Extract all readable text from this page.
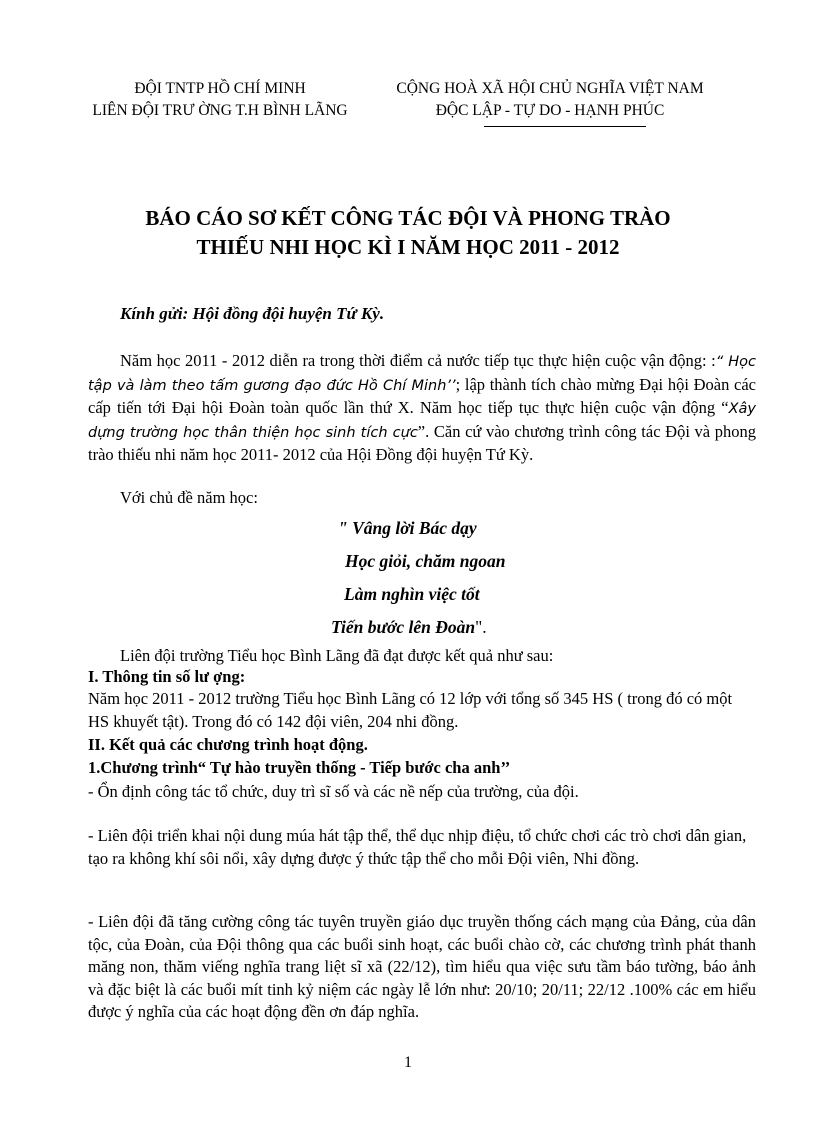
ĐỘI TNTP HỒ CHÍ MINH
LIÊN ĐỘI TRƯ ỜNG T.H BÌNH LÃNG
CỘNG HOÀ XÃ HỘI CHỦ NGHĨA VIỆT NAM
ĐỘC LẬP - TỰ DO - HẠNH PHÚC
BÁO CÁO SƠ KẾT CÔNG TÁC ĐỘI VÀ PHONG TRÀO
THIẾU NHI HỌC KÌ I NĂM HỌC 2011 - 2012
Kính gửi: Hội đồng đội huyện Tứ Kỳ.
Năm học 2011 - 2012 diễn ra trong thời điểm cả nước tiếp tục thực hiện cuộc vận động: :“ Học tập và làm theo tấm gương đạo đức Hồ Chí Minh’’; lập thành tích chào mừng Đại hội Đoàn các cấp tiến tới Đại hội Đoàn toàn quốc lần thứ X. Năm học tiếp tục thực hiện cuộc vận động “Xây dựng trường học thân thiện học sinh tích cực”. Căn cứ vào chương trình công tác Đội và phong trào thiếu nhi năm học 2011- 2012 của Hội Đồng đội huyện Tứ Kỳ.
Với chủ đề năm học:
" Vâng lời Bác dạy
Học giỏi, chăm ngoan
Làm nghìn việc tốt
Tiến bước lên Đoàn".
Liên đội trường Tiểu học Bình Lãng đã đạt được kết quả như sau:
I. Thông tin số lư ợng:
Năm học 2011 - 2012 trường Tiểu học Bình Lãng có 12 lớp với tổng số 345 HS ( trong đó có một HS khuyết tật). Trong đó có 142 đội viên, 204 nhi đồng.
II. Kết quả các chương trình hoạt động.
1.Chương trình“ Tự hào truyền thống - Tiếp bước cha anh’’
- Ổn định công tác tổ chức, duy trì sĩ số và các nề nếp của trường, của đội.
- Liên đội triển khai nội dung múa hát tập thể, thể dục nhịp điệu, tổ chức chơi các trò chơi dân gian, tạo ra không khí sôi nổi, xây dựng được ý thức tập thể cho mỗi Đội viên, Nhi đồng.
- Liên đội đã tăng cường công tác tuyên truyền giáo dục truyền thống cách mạng của Đảng, của dân tộc, của Đoàn, của Đội thông qua các buổi sinh hoạt, các buổi chào cờ, các chương trình phát thanh măng non, thăm viếng nghĩa trang liệt sĩ xã (22/12), tìm hiểu qua việc sưu tầm báo tường, báo ảnh và đặc biệt là các buổi mít tinh kỷ niệm các ngày lễ lớn như: 20/10; 20/11; 22/12 .100% các em hiểu được ý nghĩa của các hoạt động đền ơn đáp nghĩa.
1
